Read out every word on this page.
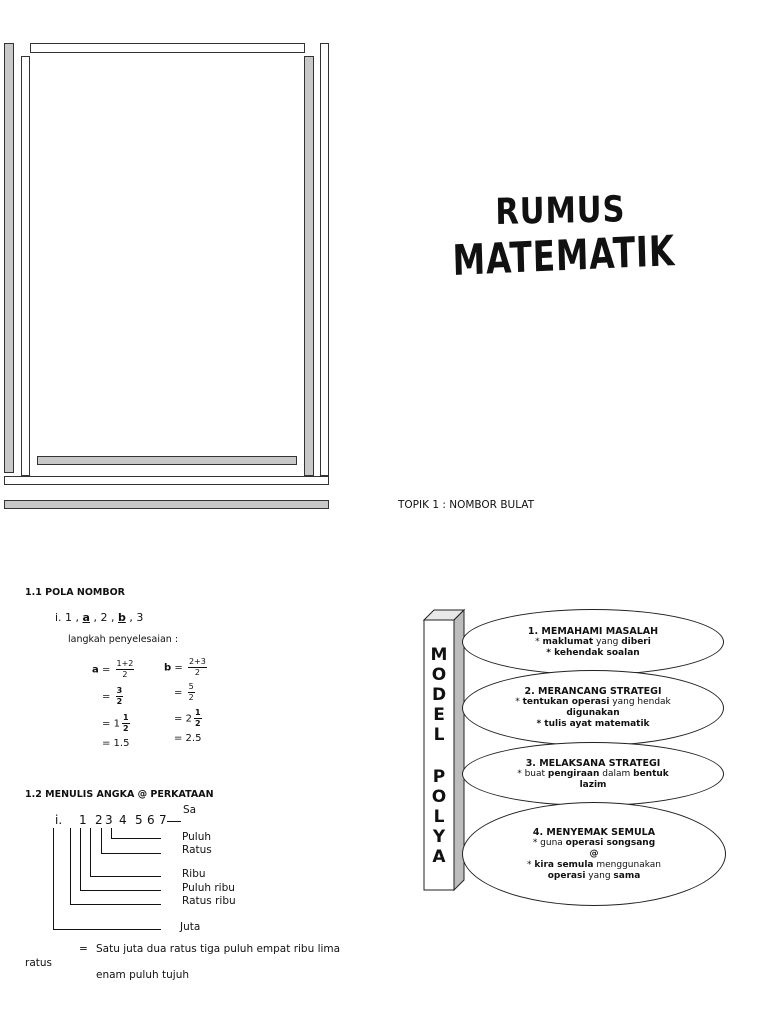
RUMUS
MATEMATIK
TOPIK 1 : NOMBOR BULAT
1.1 POLA NOMBOR
i. 1 , a , 2 , b , 3
langkah penyelesaian :
$a = \frac{1+2}{2}$
= $\frac{3}{2}$
= $1 \frac{1}{2}$
= 1.5
$b = \frac{2+3}{2}$
= $\frac{5}{2}$
= $2 \frac{1}{2}$
= 2.5
1.2 MENULIS ANGKA @ PERKATAAN
i. 1 2 3 4 5 6 7
Sa
Puluh
Ratus
Ribu
Puluh ribu
Ratus ribu
Juta
= Satu juta dua ratus tiga puluh empat ribu lima
ratus
enam puluh tujuh
M
O
D
E
L
P
O
L
Y
A
1. MEMAHAMI MASALAH
* maklumat yang diberi
* kehendak soalan
2. MERANCANG STRATEGI
* tentukan operasi yang hendak
digunakan
* tulis ayat matematik
3. MELAKSANA STRATEGI
* buat pengiraan dalam bentuk
lazim
4. MENYEMAK SEMULA
* guna operasi songsang
@
* kira semula menggunakan
operasi yang sama
